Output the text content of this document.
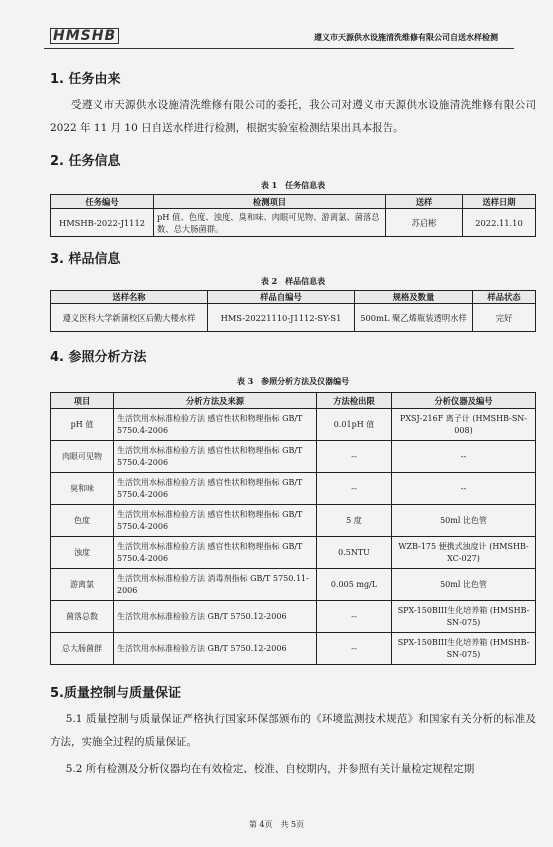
HMSHB	遵义市天源供水设施清洗维修有限公司自送水样检测
1. 任务由来
受遵义市天源供水设施清洗维修有限公司的委托，我公司对遵义市天源供水设施清洗维修有限公司 2022 年 11 月 10 日自送水样进行检测，根据实验室检测结果出具本报告。
2. 任务信息
表 1　任务信息表
任务编号	检测项目	送样	送样日期
HMSHB-2022-J1112	pH 值、色度、浊度、臭和味、肉眼可见物、游离氯、菌落总数、总大肠菌群。	苏启彬	2022.11.10
3. 样品信息
表 2　样品信息表
送样名称	样品自编号	规格及数量	样品状态
遵义医科大学新蒲校区后勤大楼水样	HMS-20221110-J1112-SY-S1	500mL 聚乙烯瓶装透明水样	完好
4. 参照分析方法
表 3　参照分析方法及仪器编号
项目	分析方法及来源	方法检出限	分析仪器及编号
pH 值	生活饮用水标准检验方法 感官性状和物理指标 GB/T 5750.4-2006	0.01pH 值	PXSJ-216F 离子计 (HMSHB-SN-008)
肉眼可见物	生活饮用水标准检验方法 感官性状和物理指标 GB/T 5750.4-2006	--	--
臭和味	生活饮用水标准检验方法 感官性状和物理指标 GB/T 5750.4-2006	--	--
色度	生活饮用水标准检验方法 感官性状和物理指标 GB/T 5750.4-2006	5 度	50ml 比色管
浊度	生活饮用水标准检验方法 感官性状和物理指标 GB/T 5750.4-2006	0.5NTU	WZB-175 便携式浊度计 (HMSHB-XC-027)
游离氯	生活饮用水标准检验方法 消毒剂指标 GB/T 5750.11-2006	0.005 mg/L	50ml 比色管
菌落总数	生活饮用水标准检验方法 GB/T 5750.12-2006	--	SPX-150BIII生化培养箱 (HMSHB-SN-075)
总大肠菌群	生活饮用水标准检验方法 GB/T 5750.12-2006	--	SPX-150BIII生化培养箱 (HMSHB-SN-075)
5.质量控制与质量保证
5.1 质量控制与质量保证严格执行国家环保部颁布的《环境监测技术规范》和国家有关分析的标准及方法，实施全过程的质量保证。
5.2 所有检测及分析仪器均在有效检定、校准、自校期内，并参照有关计量检定规程定期
第 4页　共 5页
